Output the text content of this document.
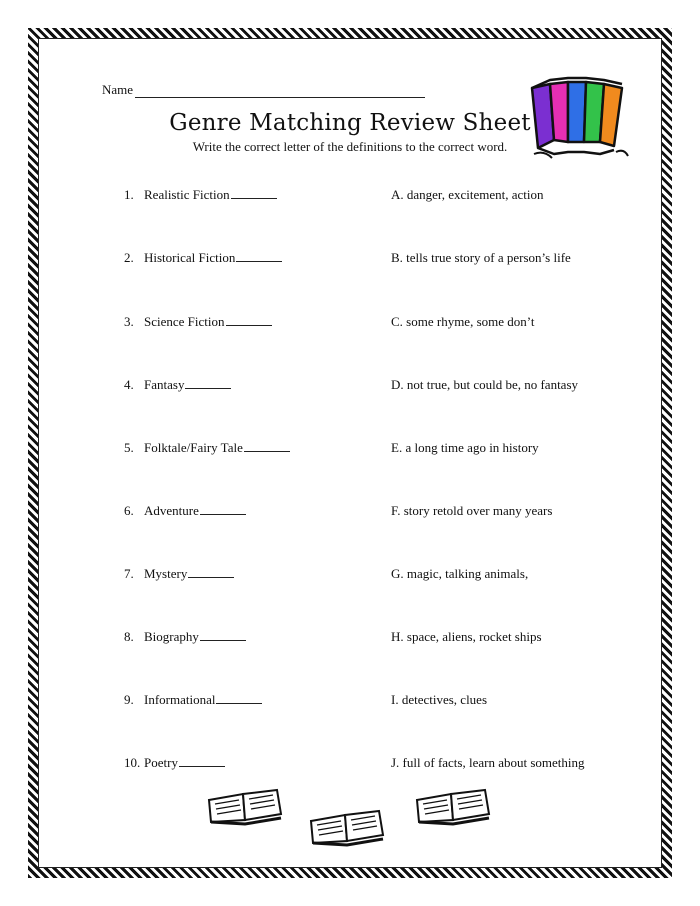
Name
Genre Matching Review Sheet
Write the correct letter of the definitions to the correct word.
1. Realistic Fiction
2. Historical Fiction
3. Science Fiction
4. Fantasy
5. Folktale/Fairy Tale
6. Adventure
7. Mystery
8. Biography
9. Informational
10. Poetry
A. danger, excitement, action
B. tells true story of a person’s life
C. some rhyme, some don’t
D. not true, but could be, no fantasy
E. a long time ago in history
F. story retold over many years
G. magic, talking animals,
H. space, aliens, rocket ships
I. detectives, clues
J. full of facts, learn about something
